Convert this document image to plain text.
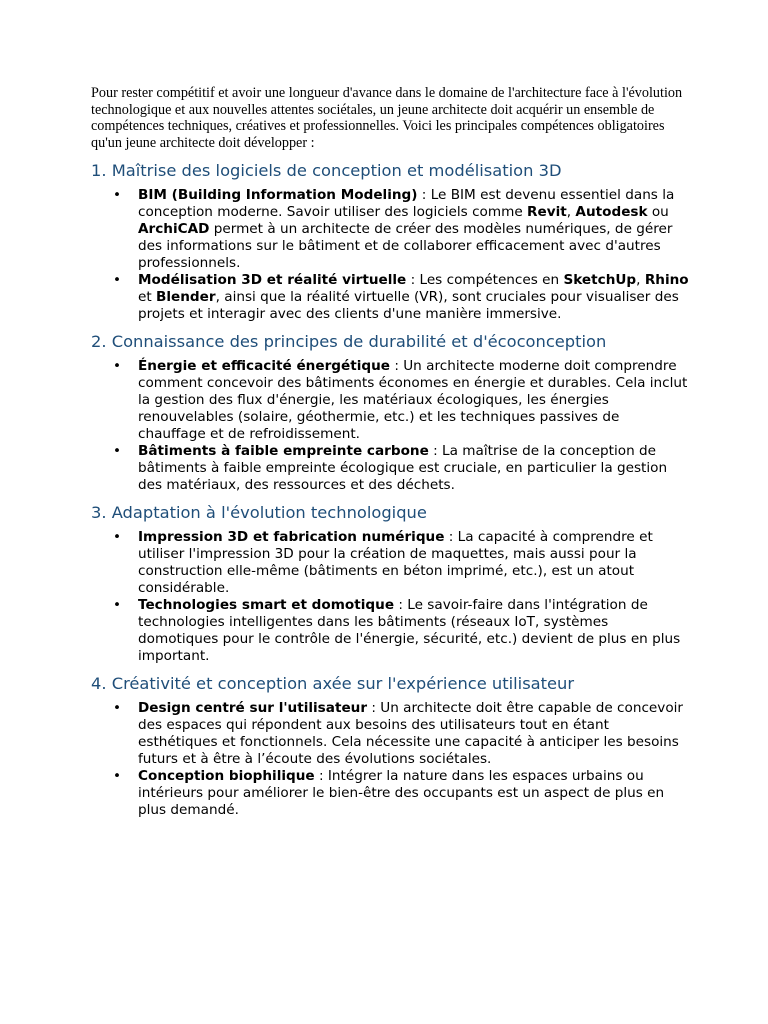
Pour rester compétitif et avoir une longueur d'avance dans le domaine de l'architecture face à l'évolution technologique et aux nouvelles attentes sociétales, un jeune architecte doit acquérir un ensemble de compétences techniques, créatives et professionnelles. Voici les principales compétences obligatoires qu'un jeune architecte doit développer :

1. Maîtrise des logiciels de conception et modélisation 3D
• BIM (Building Information Modeling) : Le BIM est devenu essentiel dans la conception moderne. Savoir utiliser des logiciels comme Revit, Autodesk ou ArchiCAD permet à un architecte de créer des modèles numériques, de gérer des informations sur le bâtiment et de collaborer efficacement avec d'autres professionnels.
• Modélisation 3D et réalité virtuelle : Les compétences en SketchUp, Rhino et Blender, ainsi que la réalité virtuelle (VR), sont cruciales pour visualiser des projets et interagir avec des clients d'une manière immersive.
2. Connaissance des principes de durabilité et d'écoconception
• Énergie et efficacité énergétique : Un architecte moderne doit comprendre comment concevoir des bâtiments économes en énergie et durables. Cela inclut la gestion des flux d'énergie, les matériaux écologiques, les énergies renouvelables (solaire, géothermie, etc.) et les techniques passives de chauffage et de refroidissement.
• Bâtiments à faible empreinte carbone : La maîtrise de la conception de bâtiments à faible empreinte écologique est cruciale, en particulier la gestion des matériaux, des ressources et des déchets.
3. Adaptation à l'évolution technologique
• Impression 3D et fabrication numérique : La capacité à comprendre et utiliser l'impression 3D pour la création de maquettes, mais aussi pour la construction elle-même (bâtiments en béton imprimé, etc.), est un atout considérable.
• Technologies smart et domotique : Le savoir-faire dans l'intégration de technologies intelligentes dans les bâtiments (réseaux IoT, systèmes domotiques pour le contrôle de l'énergie, sécurité, etc.) devient de plus en plus important.
4. Créativité et conception axée sur l'expérience utilisateur
• Design centré sur l'utilisateur : Un architecte doit être capable de concevoir des espaces qui répondent aux besoins des utilisateurs tout en étant esthétiques et fonctionnels. Cela nécessite une capacité à anticiper les besoins futurs et à être à l’écoute des évolutions sociétales.
• Conception biophilique : Intégrer la nature dans les espaces urbains ou intérieurs pour améliorer le bien-être des occupants est un aspect de plus en plus demandé.
